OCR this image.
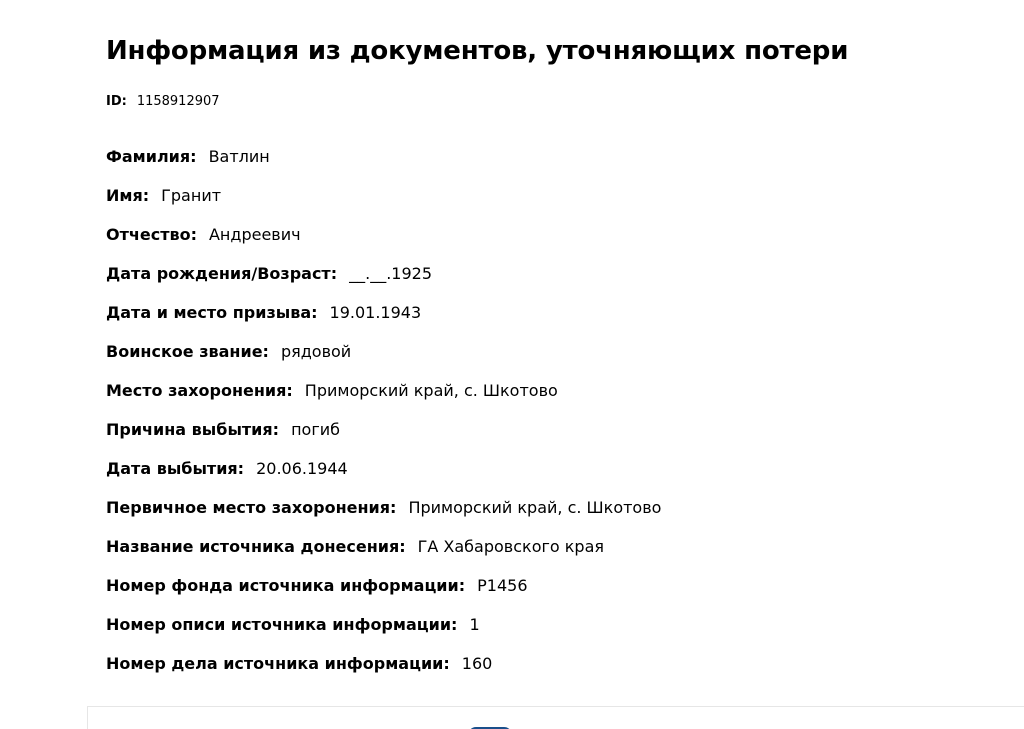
Информация из документов, уточняющих потери
ID: 1158912907
Фамилия: Ватлин
Имя: Гранит
Отчество: Андреевич
Дата рождения/Возраст: __.__.1925
Дата и место призыва: 19.01.1943
Воинское звание: рядовой
Место захоронения: Приморский край, с. Шкотово
Причина выбытия: погиб
Дата выбытия: 20.06.1944
Первичное место захоронения: Приморский край, с. Шкотово
Название источника донесения: ГА Хабаровского края
Номер фонда источника информации: Р1456
Номер описи источника информации: 1
Номер дела источника информации: 160
